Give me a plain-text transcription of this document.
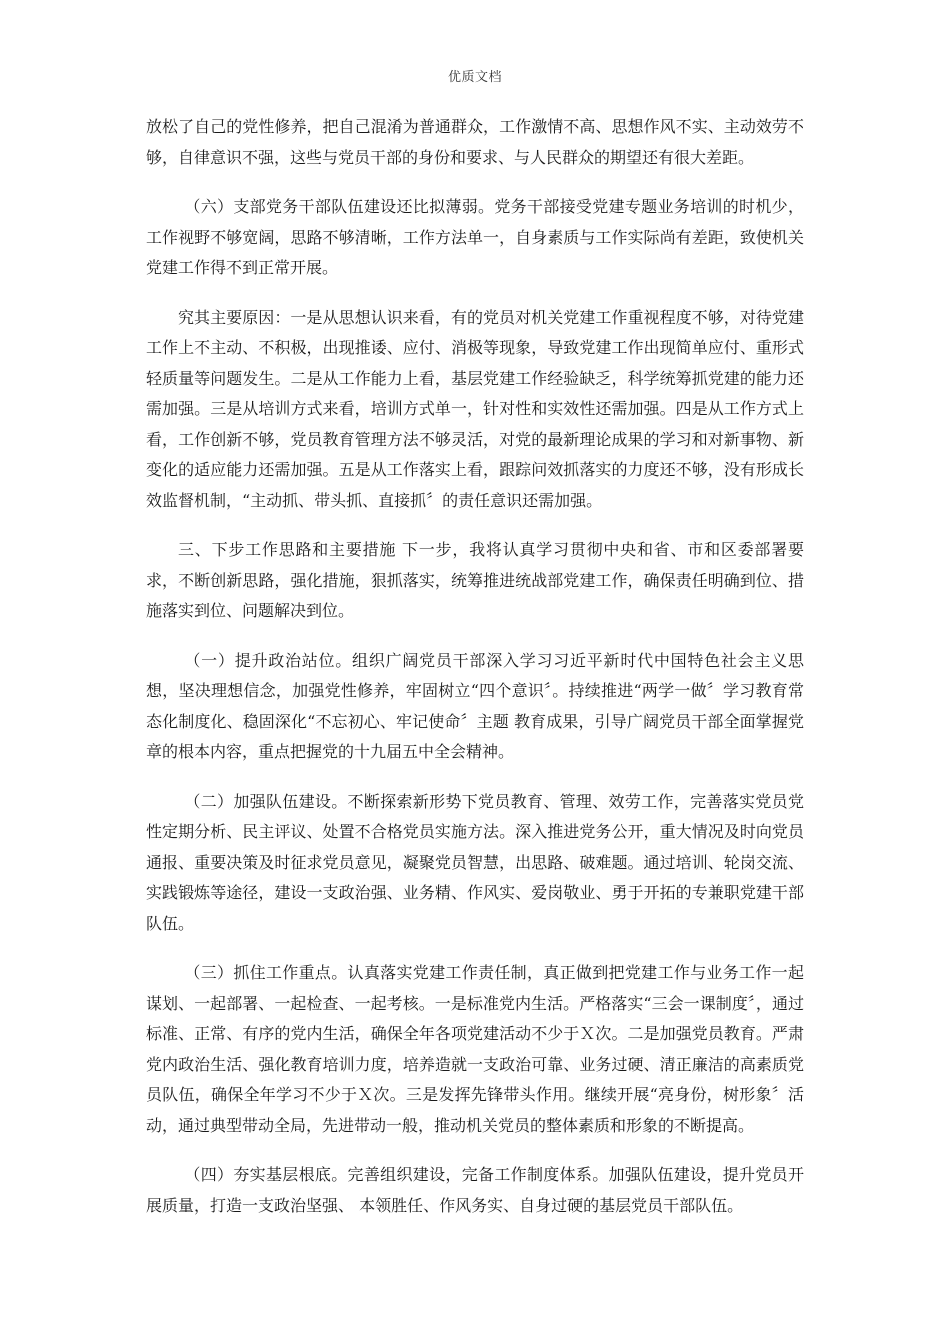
优质文档

放松了自己的党性修养，把自己混淆为普通群众，工作激情不高、思想作风不实、主动效劳不够，自律意识不强，这些与党员干部的身份和要求、与人民群众的期望还有很大差距。

（六）支部党务干部队伍建设还比拟薄弱。党务干部接受党建专题业务培训的时机少，工作视野不够宽阔，思路不够清晰，工作方法单一，自身素质与工作实际尚有差距，致使机关党建工作得不到正常开展。

究其主要原因：一是从思想认识来看，有的党员对机关党建工作重视程度不够，对待党建工作上不主动、不积极，出现推诿、应付、消极等现象，导致党建工作出现简单应付、重形式轻质量等问题发生。二是从工作能力上看，基层党建工作经验缺乏，科学统筹抓党建的能力还需加强。三是从培训方式来看，培训方式单一，针对性和实效性还需加强。四是从工作方式上看，工作创新不够，党员教育管理方法不够灵活，对党的最新理论成果的学习和对新事物、新变化的适应能力还需加强。五是从工作落实上看，跟踪问效抓落实的力度还不够，没有形成长效监督机制，“主动抓、带头抓、直接抓〞的责任意识还需加强。

三、下步工作思路和主要措施 下一步，我将认真学习贯彻中央和省、市和区委部署要求，不断创新思路，强化措施，狠抓落实，统筹推进统战部党建工作，确保责任明确到位、措施落实到位、问题解决到位。

（一）提升政治站位。组织广阔党员干部深入学习习近平新时代中国特色社会主义思想，坚决理想信念，加强党性修养，牢固树立“四个意识〞。持续推进“两学一做〞学习教育常态化制度化、稳固深化“不忘初心、牢记使命〞主题 教育成果，引导广阔党员干部全面掌握党章的根本内容，重点把握党的十九届五中全会精神。

（二）加强队伍建设。不断探索新形势下党员教育、管理、效劳工作，完善落实党员党性定期分析、民主评议、处置不合格党员实施方法。深入推进党务公开，重大情况及时向党员通报、重要决策及时征求党员意见，凝聚党员智慧，出思路、破难题。通过培训、轮岗交流、实践锻炼等途径，建设一支政治强、业务精、作风实、爱岗敬业、勇于开拓的专兼职党建干部队伍。

（三）抓住工作重点。认真落实党建工作责任制，真正做到把党建工作与业务工作一起谋划、一起部署、一起检查、一起考核。一是标准党内生活。严格落实“三会一课制度〞，通过标准、正常、有序的党内生活，确保全年各项党建活动不少于Ｘ次。二是加强党员教育。严肃党内政治生活、强化教育培训力度，培养造就一支政治可靠、业务过硬、清正廉洁的高素质党员队伍，确保全年学习不少于Ｘ次。三是发挥先锋带头作用。继续开展“亮身份，树形象〞活动，通过典型带动全局，先进带动一般，推动机关党员的整体素质和形象的不断提高。

（四）夯实基层根底。完善组织建设，完备工作制度体系。加强队伍建设，提升党员开展质量，打造一支政治坚强、 本领胜任、作风务实、自身过硬的基层党员干部队伍。
